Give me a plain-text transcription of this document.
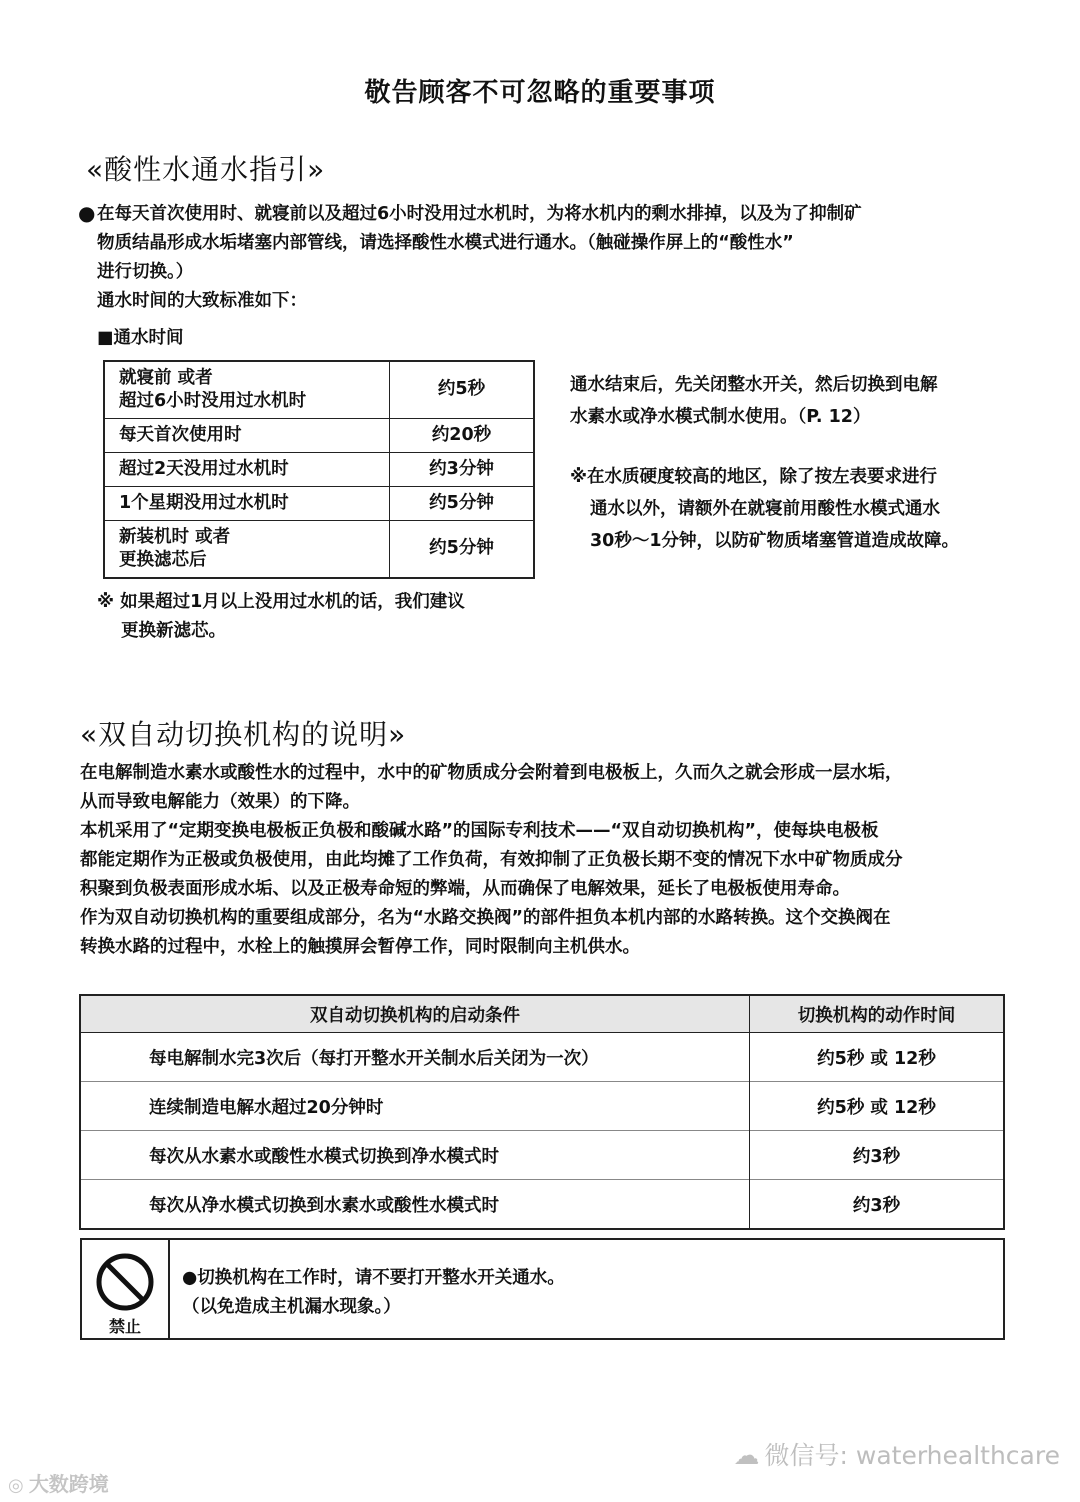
敬告顾客不可忽略的重要事项
«酸性水通水指引»
● 在每天首次使用时、就寝前以及超过6小时没用过水机时，为将水机内的剩水排掉，以及为了抑制矿
物质结晶形成水垢堵塞内部管线，请选择酸性水模式进行通水。（触碰操作屏上的“酸性水”
进行切换。）
通水时间的大致标准如下：
■通水时间
就寝前 或者
超过6小时没用过水机时	约5秒
每天首次使用时	约20秒
超过2天没用过水机时	约3分钟
1个星期没用过水机时	约5分钟

新装机时 或者
更换滤芯后	约5分钟
※ 如果超过1月以上没用过水机的话，我们建议
更换新滤芯。
通水结束后，先关闭整水开关，然后切换到电解
水素水或净水模式制水使用。（P. 12）
※在水质硬度较高的地区，除了按左表要求进行
通水以外，请额外在就寝前用酸性水模式通水
30秒～1分钟，以防矿物质堵塞管道造成故障。
«双自动切换机构的说明»
在电解制造水素水或酸性水的过程中，水中的矿物质成分会附着到电极板上，久而久之就会形成一层水垢，
从而导致电解能力（效果）的下降。
本机采用了“定期变换电极板正负极和酸碱水路”的国际专利技术——“双自动切换机构”，使每块电极板
都能定期作为正极或负极使用，由此均摊了工作负荷，有效抑制了正负极长期不变的情况下水中矿物质成分
积聚到负极表面形成水垢、以及正极寿命短的弊端，从而确保了电解效果，延长了电极板使用寿命。
作为双自动切换机构的重要组成部分，名为“水路交换阀”的部件担负本机内部的水路转换。这个交换阀在
转换水路的过程中，水栓上的触摸屏会暂停工作，同时限制向主机供水。
双自动切换机构的启动条件	切换机构的动作时间
每电解制水完3次后（每打开整水开关制水后关闭为一次）	约5秒 或 12秒
连续制造电解水超过20分钟时	约5秒 或 12秒
每次从水素水或酸性水模式切换到净水模式时	约3秒
每次从净水模式切换到水素水或酸性水模式时	约3秒
禁止
●切换机构在工作时，请不要打开整水开关通水。
（以免造成主机漏水现象。）
◎ 大数跨境
☁ 微信号: waterhealthcare
